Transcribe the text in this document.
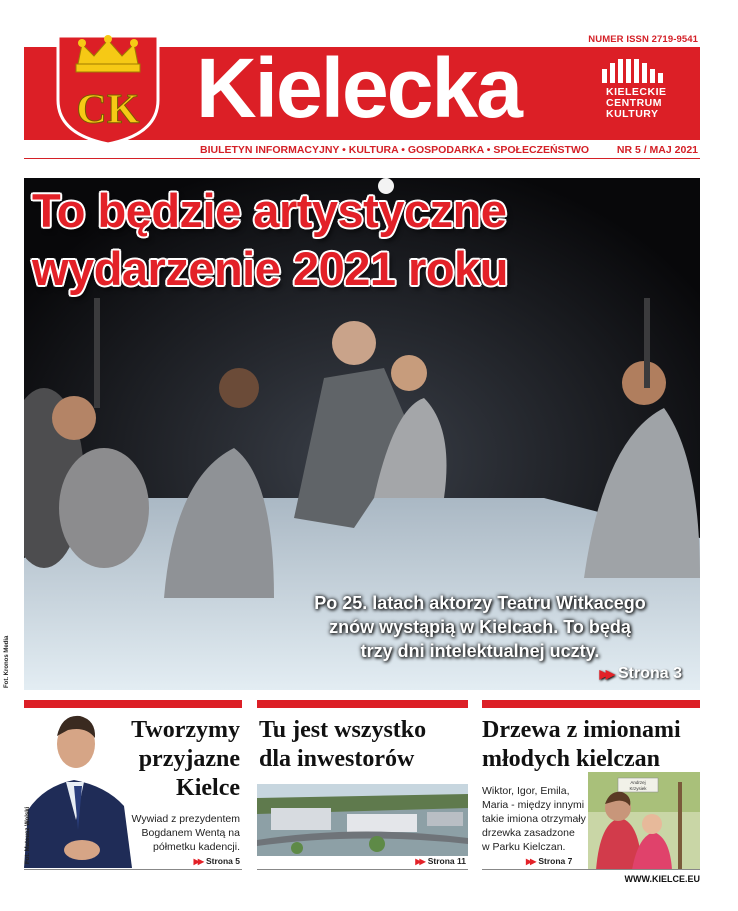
NUMER ISSN 2719-9541
CK Kielecka	KIELECKIE
CENTRUM
KULTURY
BIULETYN INFORMACYJNY • KULTURA • GOSPODARKA • SPOŁECZEŃSTWO	NR 5 / MAJ 2021
To będzie artystyczne
wydarzenie 2021 roku
Po 25. latach aktorzy Teatru Witkacego
znów wystąpią w Kielcach. To będą
trzy dni intelektualnej uczty.
▶▶ Strona 3
Fot. Kronos Media
Fot. Mateusz Wolski
Tworzymy
przyjazne
Kielce
Wywiad z prezydentem
Bogdanem Wentą na
półmetku kadencji.
▶▶ Strona 5
Tu jest wszystko
dla inwestorów
▶▶ Strona 11
Drzewa z imionami
młodych kielczan
Wiktor, Igor, Emila,
Maria - między innymi
takie imiona otrzymały
drzewka zasadzone
w Parku Kielczan.
Andrzej
Krzysiek
▶▶ Strona 7
WWW.KIELCE.EU
